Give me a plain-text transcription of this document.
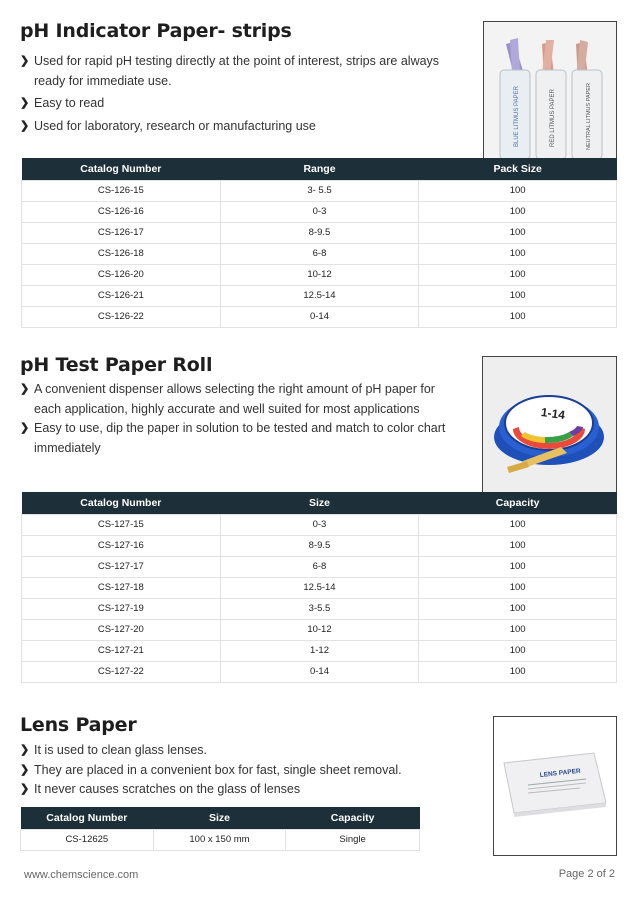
pH Indicator Paper- strips
❯ Used for rapid pH testing directly at the point of interest, strips are always ready for immediate use.
❯ Easy to read
❯ Used for laboratory, research or manufacturing use	BLUE LITMUS PAPER	RED LITMUS PAPER	NEUTRAL LITMUS PAPER
Catalog Number	Range	Pack Size
CS-126-15	3- 5.5	100
CS-126-16	0-3	100
CS-126-17	8-9.5	100
CS-126-18	6-8	100
CS-126-20	10-12	100
CS-126-21	12.5-14	100
CS-126-22	0-14	100
pH Test Paper Roll
❯ A convenient dispenser allows selecting the right amount of pH paper for each application, highly accurate and well suited for most applications
❯ Easy to use, dip the paper in solution to be tested and match to color chart immediately
1-14
Catalog Number	Size	Capacity
CS-127-15	0-3	100
CS-127-16	8-9.5	100
CS-127-17	6-8	100
CS-127-18	12.5-14	100
CS-127-19	3-5.5	100
CS-127-20	10-12	100
CS-127-21	1-12	100
CS-127-22	0-14	100
Lens Paper
❯ It is used to clean glass lenses.
❯ They are placed in a convenient box for fast, single sheet removal.
❯ It never causes scratches on the glass of lenses
LENS PAPER
Catalog Number	Size	Capacity
CS-12625	100 x 150 mm	Single
www.chemscience.com	Page 2 of 2
